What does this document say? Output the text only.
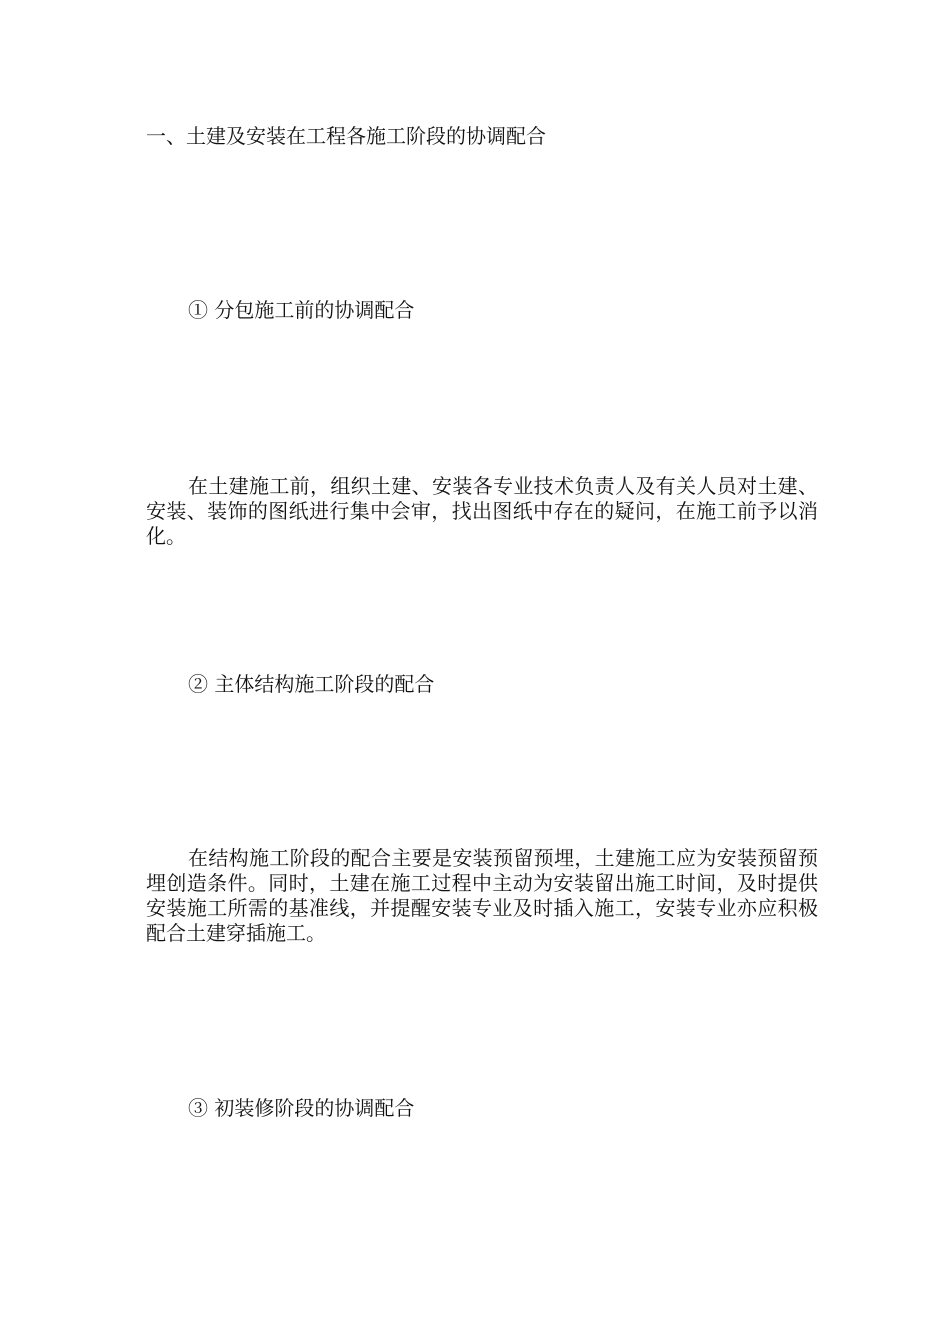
一、土建及安装在工程各施工阶段的协调配合

① 分包施工前的协调配合

在土建施工前，组织土建、安装各专业技术负责人及有关人员对土建、安装、装饰的图纸进行集中会审，找出图纸中存在的疑问，在施工前予以消化。

② 主体结构施工阶段的配合

在结构施工阶段的配合主要是安装预留预埋，土建施工应为安装预留预埋创造条件。同时，土建在施工过程中主动为安装留出施工时间，及时提供安装施工所需的基准线，并提醒安装专业及时插入施工，安装专业亦应积极配合土建穿插施工。

③ 初装修阶段的协调配合
